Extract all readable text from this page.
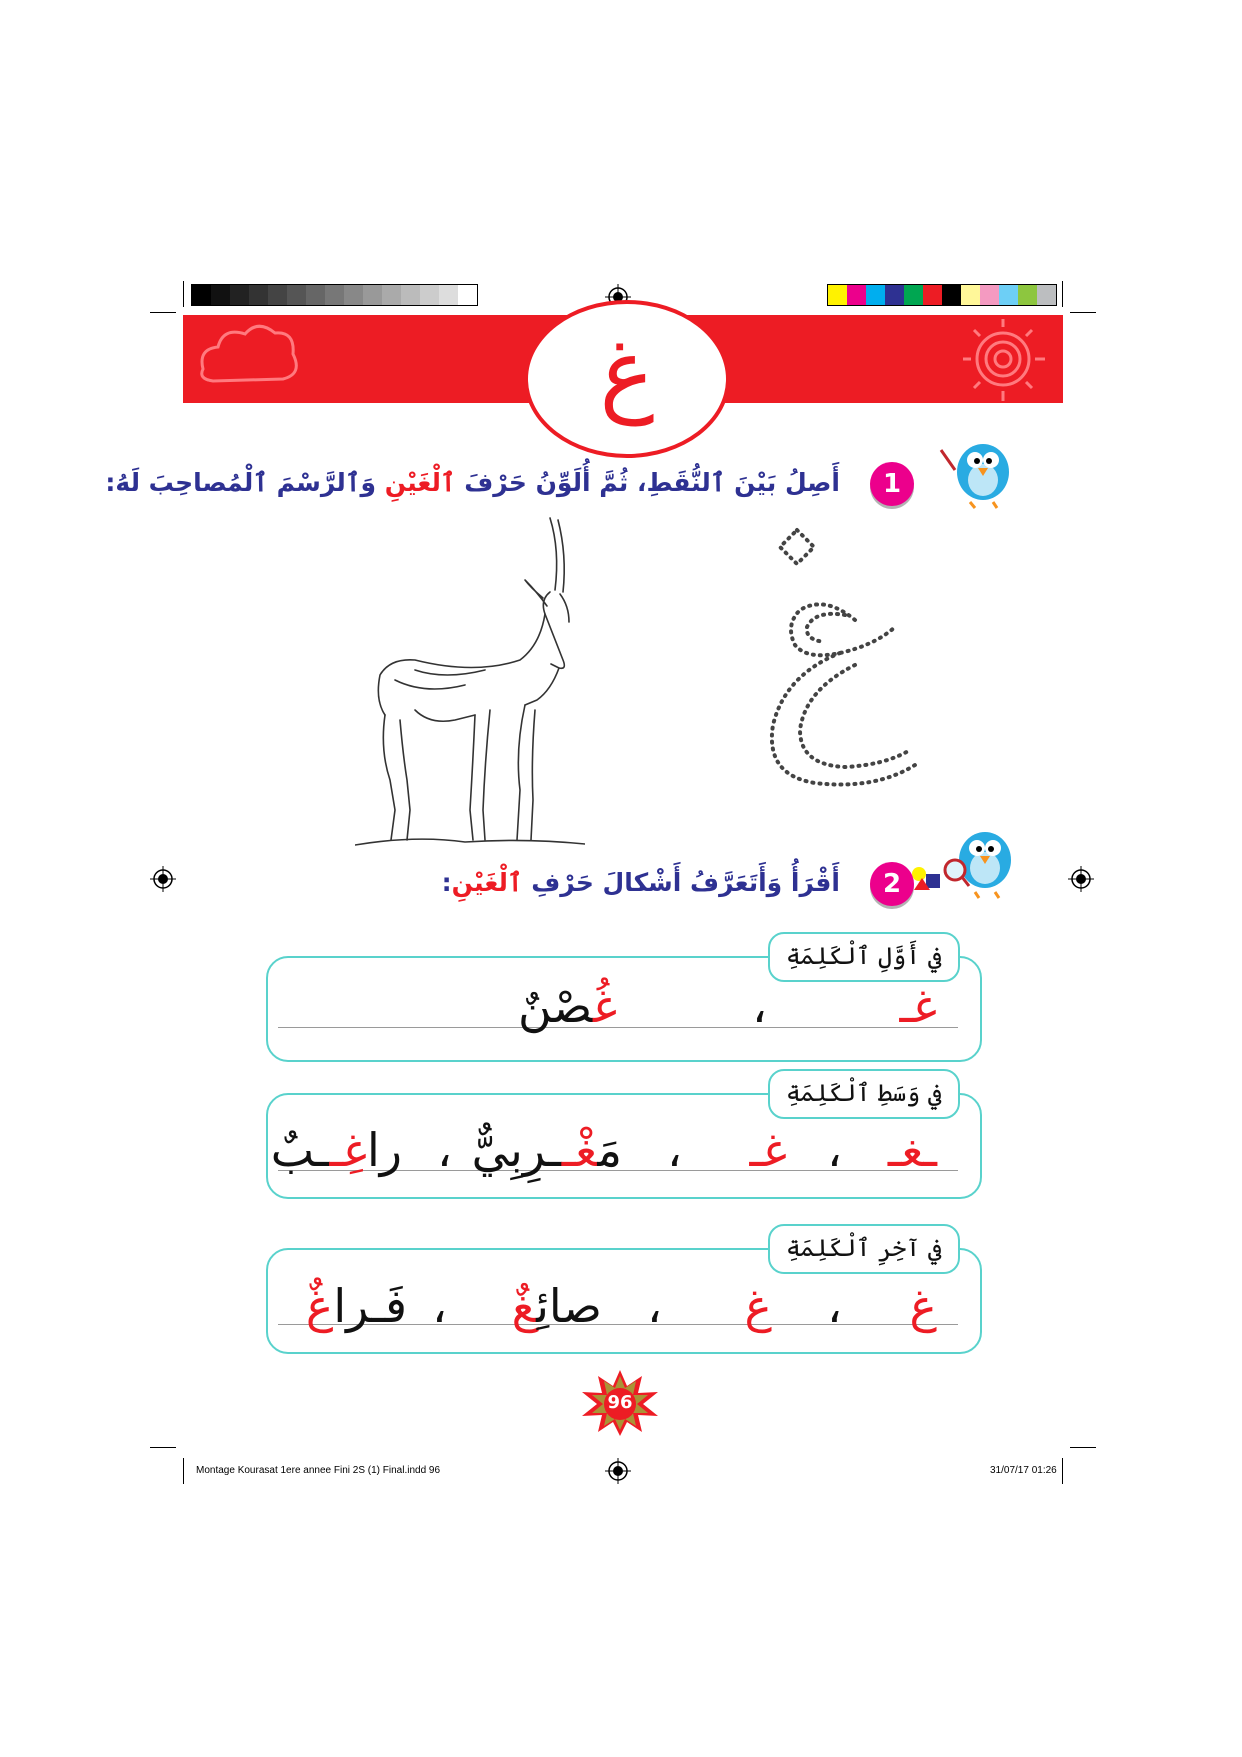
غ
1
أَصِلُ بَيْنَ ٱلنُّقَطِ، ثُمَّ أُلَوِّنُ حَرْفَ ٱلْغَيْنِ وَٱلرَّسْمَ ٱلْمُصاحِبَ لَهُ:
2
أَقْرَأُ وَأَتَعَرَّفُ أَشْكالَ حَرْفِ ٱلْغَيْنِ:
في أَوَّلِ ٱلْكَلِمَةِ
غـ
،
غُصْنٌ
في وَسَطِ ٱلْكَلِمَةِ
ـغـ
،
غـ
،
مَغْــرِبِيٌّ
،
راغِــبٌ
في آخِرِ ٱلْكَلِمَةِ
غ
،
غ
،
صائِغٌ
،
فَـراغٌ
96
Montage Kourasat 1ere annee Fini 2S (1) Final.indd 96	31/07/17 01:26
